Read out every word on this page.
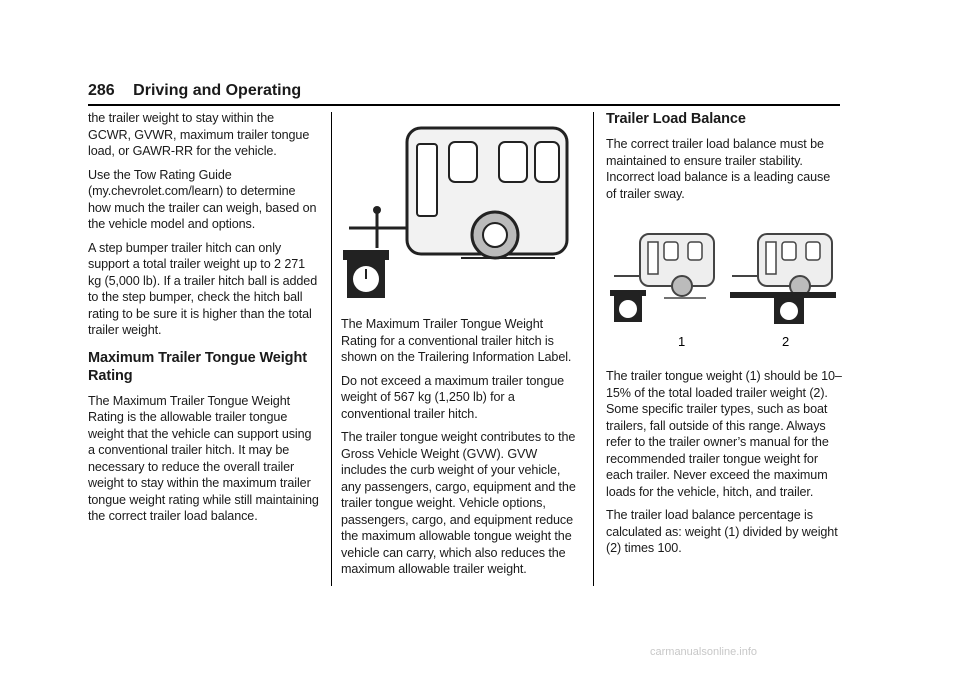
286 Driving and Operating

the trailer weight to stay within the GCWR, GVWR, maximum trailer tongue load, or GAWR-RR for the vehicle.

Use the Tow Rating Guide (my.chevrolet.com/learn) to determine how much the trailer can weigh, based on the vehicle model and options.

A step bumper trailer hitch can only support a total trailer weight up to 2 271 kg (5,000 lb). If a trailer hitch ball is added to the step bumper, check the hitch ball rating to be sure it is higher than the total trailer weight.

Maximum Trailer Tongue Weight Rating

The Maximum Trailer Tongue Weight Rating is the allowable trailer tongue weight that the vehicle can support using a conventional trailer hitch. It may be necessary to reduce the overall trailer weight to stay within the maximum trailer tongue weight rating while still maintaining the correct trailer load balance.

The Maximum Trailer Tongue Weight Rating for a conventional trailer hitch is shown on the Trailering Information Label.

Do not exceed a maximum trailer tongue weight of 567 kg (1,250 lb) for a conventional trailer hitch.

The trailer tongue weight contributes to the Gross Vehicle Weight (GVW). GVW includes the curb weight of your vehicle, any passengers, cargo, equipment and the trailer tongue weight. Vehicle options, passengers, cargo, and equipment reduce the maximum allowable tongue weight the vehicle can carry, which also reduces the maximum allowable trailer weight.

Trailer Load Balance

The correct trailer load balance must be maintained to ensure trailer stability. Incorrect load balance is a leading cause of trailer sway.

1	2

The trailer tongue weight (1) should be 10–15% of the total loaded trailer weight (2). Some specific trailer types, such as boat trailers, fall outside of this range. Always refer to the trailer owner’s manual for the recommended trailer tongue weight for each trailer. Never exceed the maximum loads for the vehicle, hitch, and trailer.

The trailer load balance percentage is calculated as: weight (1) divided by weight (2) times 100.

carmanualsonline.info
